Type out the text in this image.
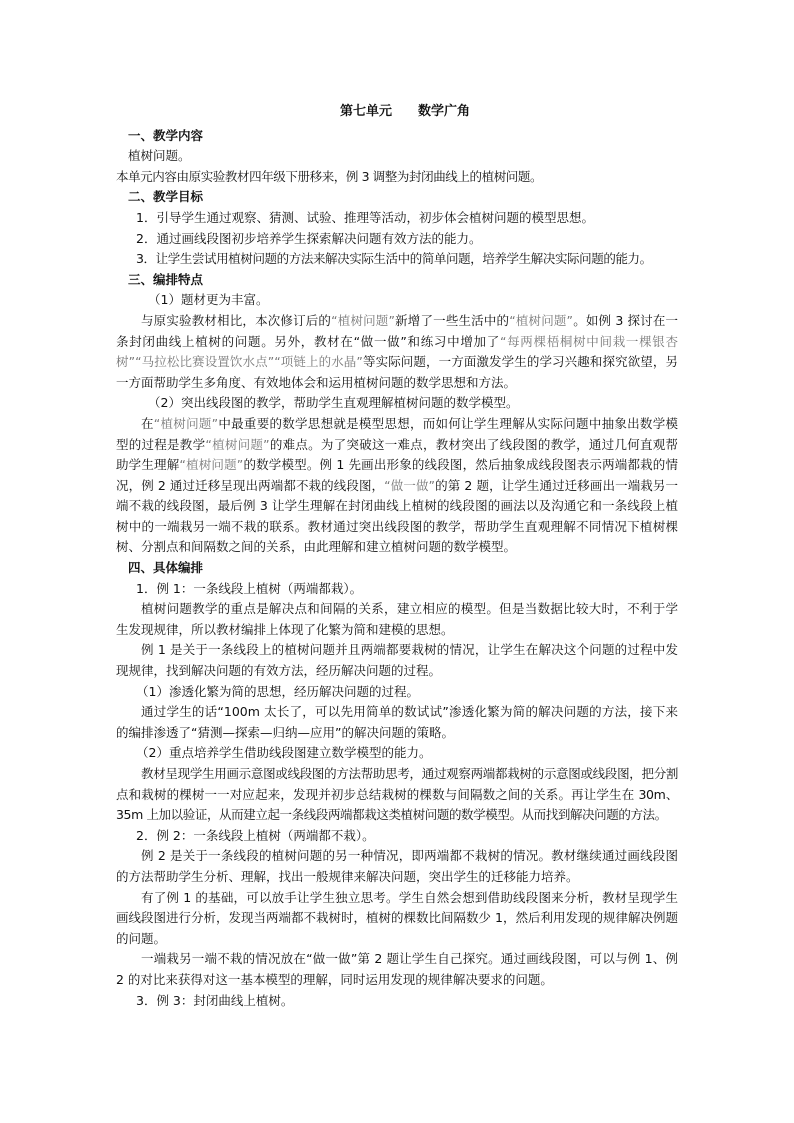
第七单元 数学广角
一、教学内容
植树问题。
本单元内容由原实验教材四年级下册移来，例 3 调整为封闭曲线上的植树问题。
二、教学目标
1．引导学生通过观察、猜测、试验、推理等活动，初步体会植树问题的模型思想。
2．通过画线段图初步培养学生探索解决问题有效方法的能力。
3．让学生尝试用植树问题的方法来解决实际生活中的简单问题，培养学生解决实际问题的能力。
三、编排特点
（1）题材更为丰富。

与原实验教材相比，本次修订后的“植树问题”新增了一些生活中的“植树问题”。如例 3 探讨在一条封闭曲线上植树的问题。另外，教材在“做一做”和练习中增加了“每两棵梧桐树中间栽一棵银杏树”“马拉松比赛设置饮水点”“项链上的水晶”等实际问题，一方面激发学生的学习兴趣和探究欲望，另一方面帮助学生多角度、有效地体会和运用植树问题的数学思想和方法。

（2）突出线段图的教学，帮助学生直观理解植树问题的数学模型。

在“植树问题”中最重要的数学思想就是模型思想，而如何让学生理解从实际问题中抽象出数学模型的过程是教学“植树问题”的难点。为了突破这一难点，教材突出了线段图的教学，通过几何直观帮助学生理解“植树问题”的数学模型。例 1 先画出形象的线段图，然后抽象成线段图表示两端都栽的情况，例 2 通过迁移呈现出两端都不栽的线段图，“做一做”的第 2 题，让学生通过迁移画出一端栽另一端不栽的线段图，最后例 3 让学生理解在封闭曲线上植树的线段图的画法以及沟通它和一条线段上植树中的一端栽另一端不栽的联系。教材通过突出线段图的教学，帮助学生直观理解不同情况下植树棵树、分割点和间隔数之间的关系，由此理解和建立植树问题的数学模型。

四、具体编排
1．例 1：一条线段上植树（两端都栽）。

植树问题教学的重点是解决点和间隔的关系，建立相应的模型。但是当数据比较大时，不利于学生发现规律，所以教材编排上体现了化繁为简和建模的思想。

例 1 是关于一条线段上的植树问题并且两端都要栽树的情况，让学生在解决这个问题的过程中发现规律，找到解决问题的有效方法，经历解决问题的过程。

（1）渗透化繁为简的思想，经历解决问题的过程。

通过学生的话“100m 太长了，可以先用简单的数试试”渗透化繁为简的解决问题的方法，接下来的编排渗透了“猜测—探索—归纳—应用”的解决问题的策略。

（2）重点培养学生借助线段图建立数学模型的能力。

教材呈现学生用画示意图或线段图的方法帮助思考，通过观察两端都栽树的示意图或线段图，把分割点和栽树的棵树一一对应起来，发现并初步总结栽树的棵数与间隔数之间的关系。再让学生在 30m、35m 上加以验证，从而建立起一条线段两端都栽这类植树问题的数学模型。从而找到解决问题的方法。

2．例 2：一条线段上植树（两端都不栽）。

例 2 是关于一条线段的植树问题的另一种情况，即两端都不栽树的情况。教材继续通过画线段图的方法帮助学生分析、理解，找出一般规律来解决问题，突出学生的迁移能力培养。

有了例 1 的基础，可以放手让学生独立思考。学生自然会想到借助线段图来分析，教材呈现学生画线段图进行分析，发现当两端都不栽树时，植树的棵数比间隔数少 1，然后利用发现的规律解决例题的问题。

一端栽另一端不栽的情况放在“做一做”第 2 题让学生自己探究。通过画线段图，可以与例 1、例 2 的对比来获得对这一基本模型的理解，同时运用发现的规律解决要求的问题。

3．例 3：封闭曲线上植树。
